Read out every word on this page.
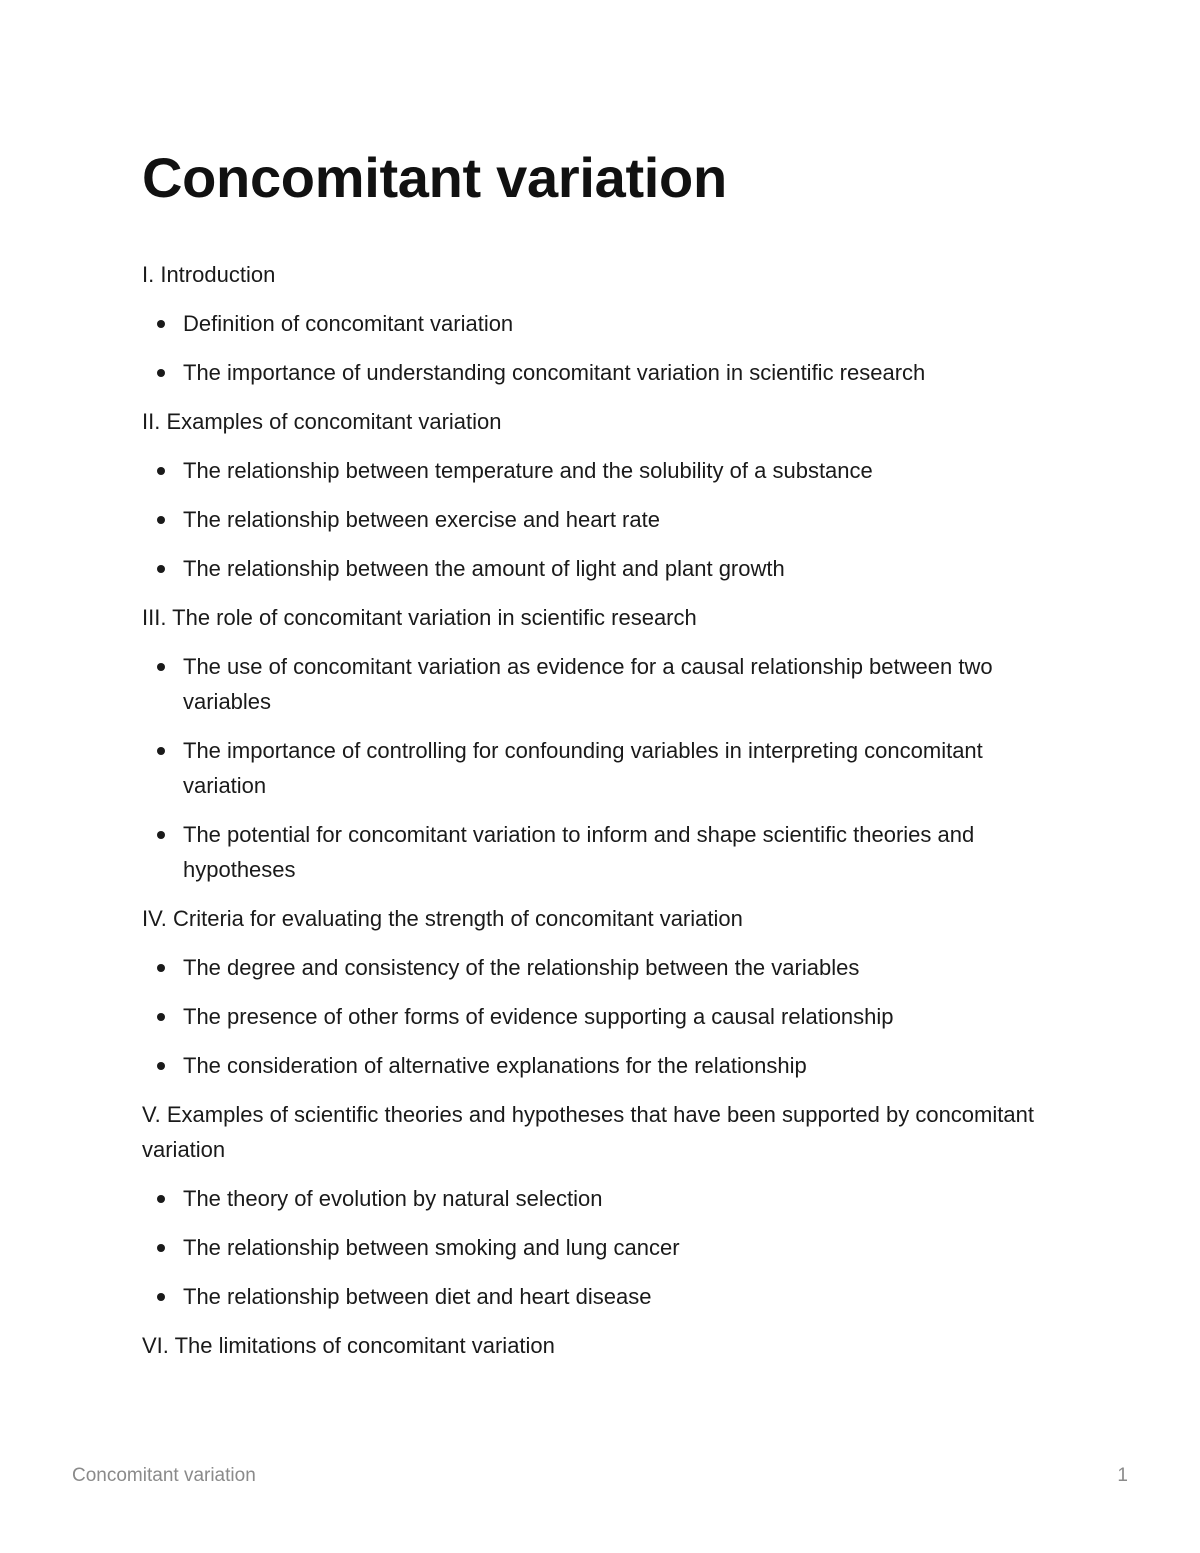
Concomitant variation

I. Introduction

Definition of concomitant variation
The importance of understanding concomitant variation in scientific research

II. Examples of concomitant variation

The relationship between temperature and the solubility of a substance
The relationship between exercise and heart rate
The relationship between the amount of light and plant growth

III. The role of concomitant variation in scientific research

The use of concomitant variation as evidence for a causal relationship between two variables
The importance of controlling for confounding variables in interpreting concomitant variation
The potential for concomitant variation to inform and shape scientific theories and hypotheses

IV. Criteria for evaluating the strength of concomitant variation

The degree and consistency of the relationship between the variables
The presence of other forms of evidence supporting a causal relationship
The consideration of alternative explanations for the relationship

V. Examples of scientific theories and hypotheses that have been supported by concomitant variation

The theory of evolution by natural selection
The relationship between smoking and lung cancer
The relationship between diet and heart disease

VI. The limitations of concomitant variation

Concomitant variation	1
